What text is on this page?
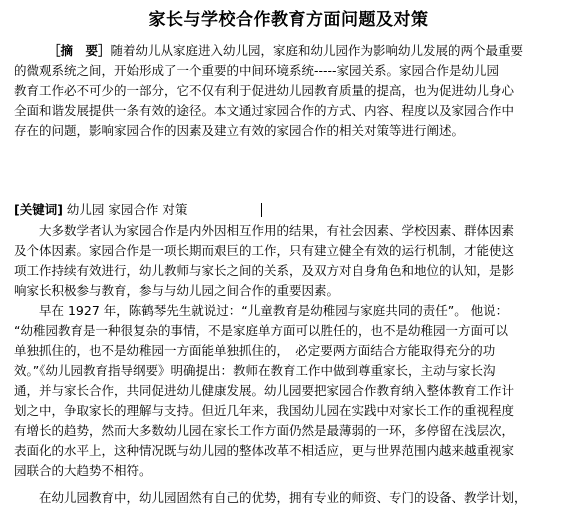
家长与学校合作教育方面问题及对策
［摘　要］随着幼儿从家庭进入幼儿园，家庭和幼儿园作为影响幼儿发展的两个最重要
的微观系统之间，开始形成了一个重要的中间环境系统-----家园关系。家园合作是幼儿园
教育工作必不可少的一部分，它不仅有利于促进幼儿园教育质量的提高，也为促进幼儿身心
全面和谐发展提供一条有效的途径。本文通过家园合作的方式、内容、程度以及家园合作中
存在的问题，影响家园合作的因素及建立有效的家园合作的相关对策等进行阐述。
[关键词] 幼儿园 家园合作 对策
　　大多数学者认为家园合作是内外因相互作用的结果，有社会因素、学校因素、群体因素
及个体因素。家园合作是一项长期而艰巨的工作，只有建立健全有效的运行机制，才能使这
项工作持续有效进行，幼儿教师与家长之间的关系，及双方对自身角色和地位的认知，是影
响家长积极参与教育，参与与幼儿园之间合作的重要因素。
　　早在 1927 年，陈鹤琴先生就说过：“儿童教育是幼稚园与家庭共同的责任”。 他说：
“幼稚园教育是一种很复杂的事情，不是家庭单方面可以胜任的，也不是幼稚园一方面可以
单独抓住的，也不是幼稚园一方面能单独抓住的，　必定要两方面结合方能取得充分的功
效。”《幼儿园教育指导纲要》明确提出：教师在教育工作中做到尊重家长，主动与家长沟
通，并与家长合作，共同促进幼儿健康发展。幼儿园要把家园合作教育纳入整体教育工作计
划之中，争取家长的理解与支持。但近几年来，我国幼儿园在实践中对家长工作的重视程度
有增长的趋势，然而大多数幼儿园在家长工作方面仍然是最薄弱的一环，多停留在浅层次，
表面化的水平上，这种情况既与幼儿园的整体改革不相适应，更与世界范围内越来越重视家
园联合的大趋势不相符。
　　在幼儿园教育中，幼儿园固然有自己的优势，拥有专业的师资、专门的设备、教学计划，
